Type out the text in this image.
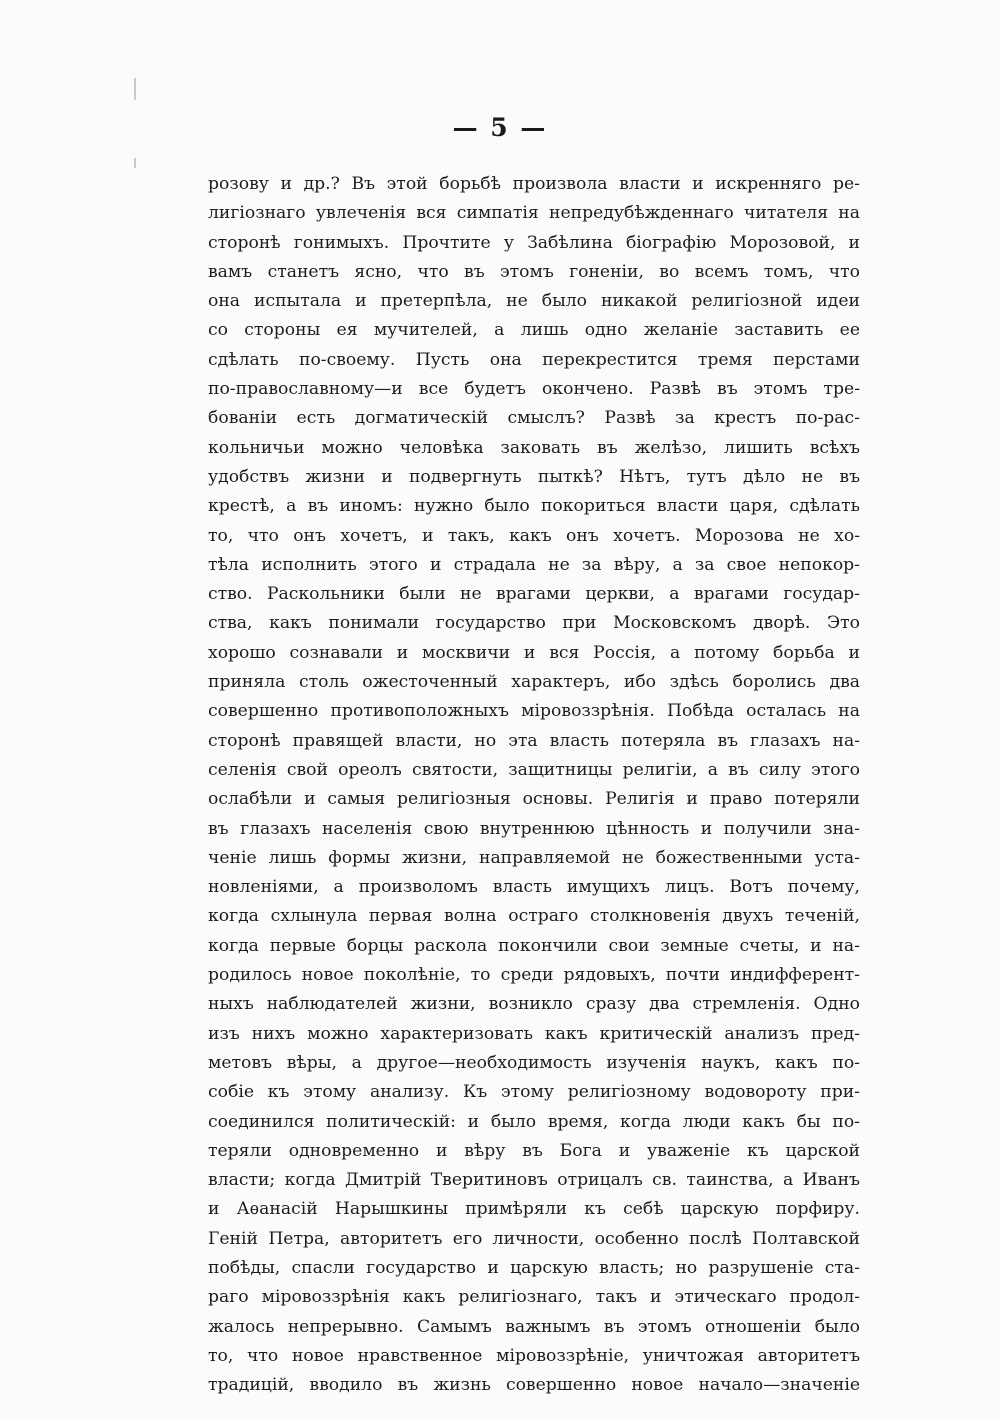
— 5 —

розову и др.? Въ этой борьбѣ произвола власти и искренняго ре-
лигіознаго увлеченія вся симпатія непредубѣжденнаго читателя на
сторонѣ гонимыхъ. Прочтите у Забѣлина біографію Морозовой, и
вамъ станетъ ясно, что въ этомъ гоненіи, во всемъ томъ, что
она испытала и претерпѣла, не было никакой религіозной идеи
со стороны ея мучителей, а лишь одно желаніе заставить ее
сдѣлать по-своему. Пусть она перекрестится тремя перстами
по-православному—и все будетъ окончено. Развѣ въ этомъ тре-
бованіи есть догматическій смыслъ? Развѣ за крестъ по-рас-
кольничьи можно человѣка заковать въ желѣзо, лишить всѣхъ
удобствъ жизни и подвергнуть пыткѣ? Нѣтъ, тутъ дѣло не въ
крестѣ, а въ иномъ: нужно было покориться власти царя, сдѣлать
то, что онъ хочетъ, и такъ, какъ онъ хочетъ. Морозова не хо-
тѣла исполнить этого и страдала не за вѣру, а за свое непокор-
ство. Раскольники были не врагами церкви, а врагами государ-
ства, какъ понимали государство при Московскомъ дворѣ. Это
хорошо сознавали и москвичи и вся Россія, а потому борьба и
приняла столь ожесточенный характеръ, ибо здѣсь боролись два
совершенно противоположныхъ міровоззрѣнія. Побѣда осталась на
сторонѣ правящей власти, но эта власть потеряла въ глазахъ на-
селенія свой ореолъ святости, защитницы религіи, а въ силу этого
ослабѣли и самыя религіозныя основы. Религія и право потеряли
въ глазахъ населенія свою внутреннюю цѣнность и получили зна-
ченіе лишь формы жизни, направляемой не божественными уста-
новленіями, а произволомъ власть имущихъ лицъ. Вотъ почему,
когда схлынула первая волна остраго столкновенія двухъ теченій,
когда первые борцы раскола покончили свои земные счеты, и на-
родилось новое поколѣніе, то среди рядовыхъ, почти индифферент-
ныхъ наблюдателей жизни, возникло сразу два стремленія. Одно
изъ нихъ можно характеризовать какъ критическій анализъ пред-
метовъ вѣры, а другое—необходимость изученія наукъ, какъ по-
собіе къ этому анализу. Къ этому религіозному водовороту при-
соединился политическій: и было время, когда люди какъ бы по-
теряли одновременно и вѣру въ Бога и уваженіе къ царской
власти; когда Дмитрій Тверитиновъ отрицалъ св. таинства, а Иванъ
и Аѳанасій Нарышкины примѣряли къ себѣ царскую порфиру.
Геній Петра, авторитетъ его личности, особенно послѣ Полтавской
побѣды, спасли государство и царскую власть; но разрушеніе ста-
раго міровоззрѣнія какъ религіознаго, такъ и этическаго продол-
жалось непрерывно. Самымъ важнымъ въ этомъ отношеніи было
то, что новое нравственное міровоззрѣніе, уничтожая авторитетъ
традицій, вводило въ жизнь совершенно новое начало—значеніе
